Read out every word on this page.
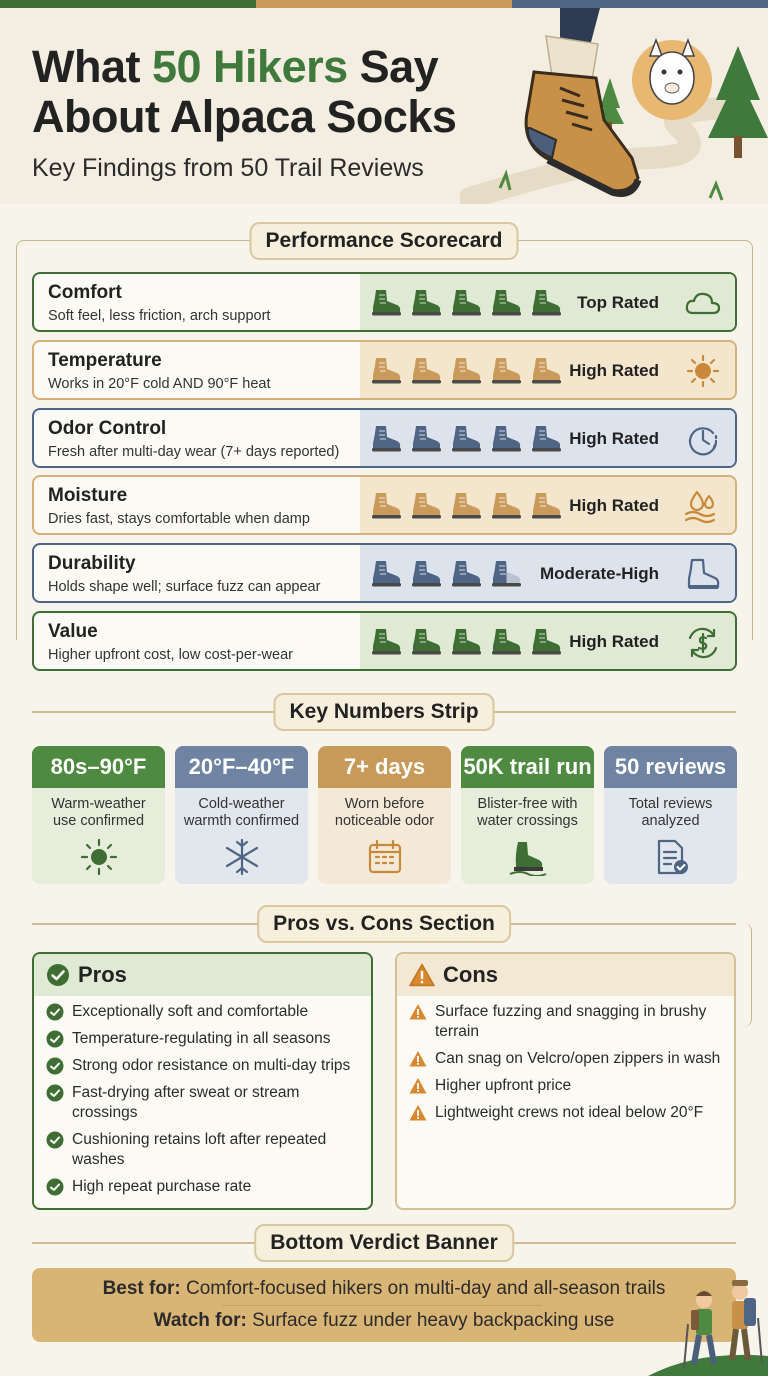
What 50 Hikers Say
About Alpaca Socks
Key Findings from 50 Trail Reviews
Performance Scorecard
Comfort
Soft feel, less friction, arch support
Top Rated
Temperature
Works in 20°F cold AND 90°F heat
High Rated
Odor Control
Fresh after multi-day wear (7+ days reported)
High Rated
Moisture
Dries fast, stays comfortable when damp
High Rated
Durability
Holds shape well; surface fuzz can appear
Moderate-High
Value
Higher upfront cost, low cost-per-wear
High Rated
Key Numbers Strip
80s–90°F
Warm-weather
use confirmed
20°F–40°F
Cold-weather
warmth confirmed
7+ days
Worn before
noticeable odor
50K trail run
Blister-free with
water crossings
50 reviews
Total reviews
analyzed
Pros vs. Cons Section
Pros
Exceptionally soft and comfortable
Temperature-regulating in all seasons
Strong odor resistance on multi-day trips
Fast-drying after sweat or stream crossings
Cushioning retains loft after repeated washes
High repeat purchase rate
Cons
Surface fuzzing and snagging in brushy terrain
Can snag on Velcro/open zippers in wash
Higher upfront price
Lightweight crews not ideal below 20°F
Bottom Verdict Banner
Best for: Comfort-focused hikers on multi-day and all-season trails
Watch for: Surface fuzz under heavy backpacking use
